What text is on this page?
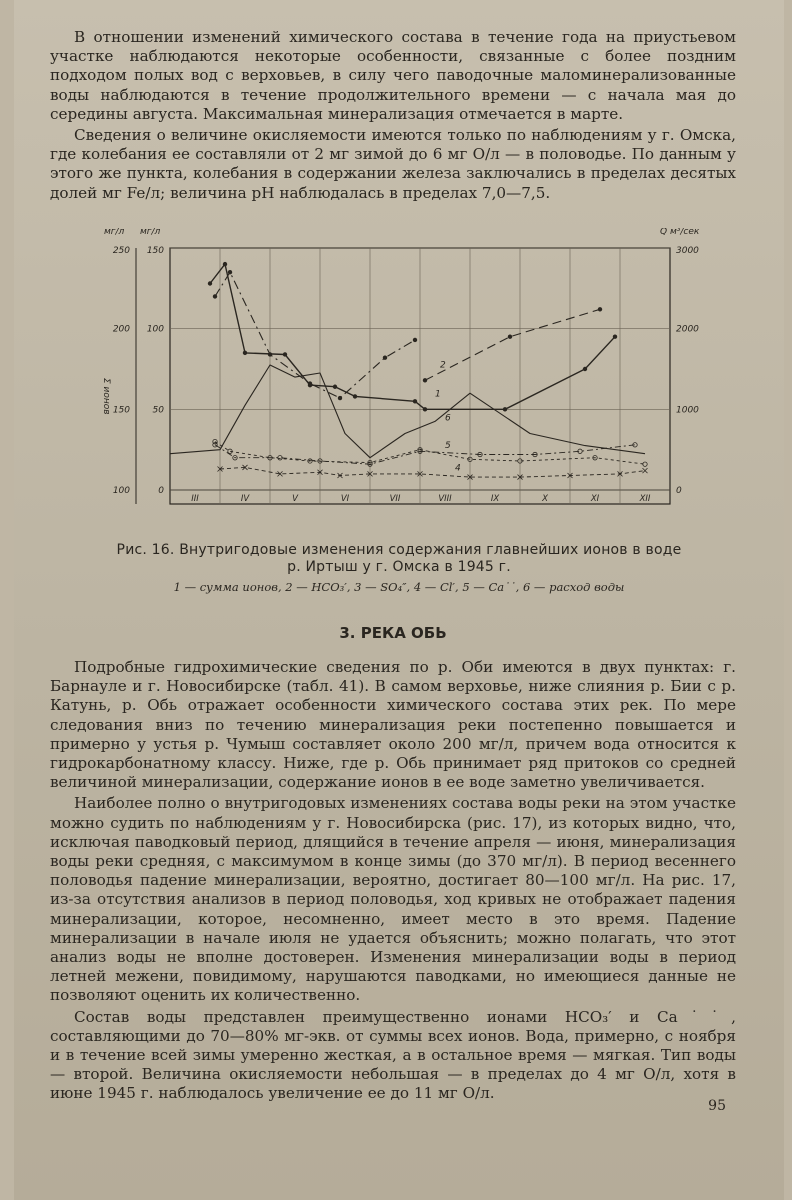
В отношении изменений химического состава в течение года на приустьевом участке наблюдаются некоторые особенности, связанные с более поздним подходом полых вод с верховьев, в силу чего паводочные маломинерализованные воды наблюдаются в течение продолжительного времени — с начала мая до середины августа. Максимальная минерализация отмечается в марте.

Сведения о величине окисляемости имеются только по наблюдениям у г. Омска, где колебания ее составляли от 2 мг зимой до 6 мг O/л — в половодье. По данным у этого же пункта, колебания в содержании железа заключались в пределах десятых долей мг Fe/л; величина pH наблюдалась в пределах 7,0—7,5.

мг/л мг/л	Q м³/сек
Σ ионов
III	IV	V	VI	VII	VIII	IX	X	XI	XII
250
200
150
100
150
100
50
0
3000
2000
1000
0
1
2
6
5
4
Рис. 16. Внутригодовые изменения содержания главнейших ионов в воде
р. Иртыш у г. Омска в 1945 г.
1 — сумма ионов, 2 — HCO₃′, 3 — SO₄″, 4 — Cl′, 5 — Ca˙˙, 6 — расход воды
3. РЕКА ОБЬ

Подробные гидрохимические сведения по р. Оби имеются в двух пунктах: г. Барнауле и г. Новосибирске (табл. 41). В самом верховье, ниже слияния р. Бии с р. Катунь, р. Обь отражает особенности химического состава этих рек. По мере следования вниз по течению минерализация реки постепенно повышается и примерно у устья р. Чумыш составляет около 200 мг/л, причем вода относится к гидрокарбонатному классу. Ниже, где р. Обь принимает ряд притоков со средней величиной минерализации, содержание ионов в ее воде заметно увеличивается.

Наиболее полно о внутригодовых изменениях состава воды реки на этом участке можно судить по наблюдениям у г. Новосибирска (рис. 17), из которых видно, что, исключая паводковый период, длящийся в течение апреля — июня, минерализация воды реки средняя, с максимумом в конце зимы (до 370 мг/л). В период весеннего половодья падение минерализации, вероятно, достигает 80—100 мг/л. На рис. 17, из-за отсутствия анализов в период половодья, ход кривых не отображает падения минерализации, которое, несомненно, имеет место в это время. Падение минерализации в начале июля не удается объяснить; можно полагать, что этот анализ воды не вполне достоверен. Изменения минерализации воды в период летней межени, повидимому, нарушаются паводками, но имеющиеся данные не позволяют оценить их количественно.

Состав воды представлен преимущественно ионами HCO₃′ и Ca˙˙, составляющими до 70—80% мг-экв. от суммы всех ионов. Вода, примерно, с ноября и в течение всей зимы умеренно жесткая, а в остальное время — мягкая. Тип воды — второй. Величина окисляемости небольшая — в пределах до 4 мг O/л, хотя в июне 1945 г. наблюдалось увеличение ее до 11 мг O/л.

95
